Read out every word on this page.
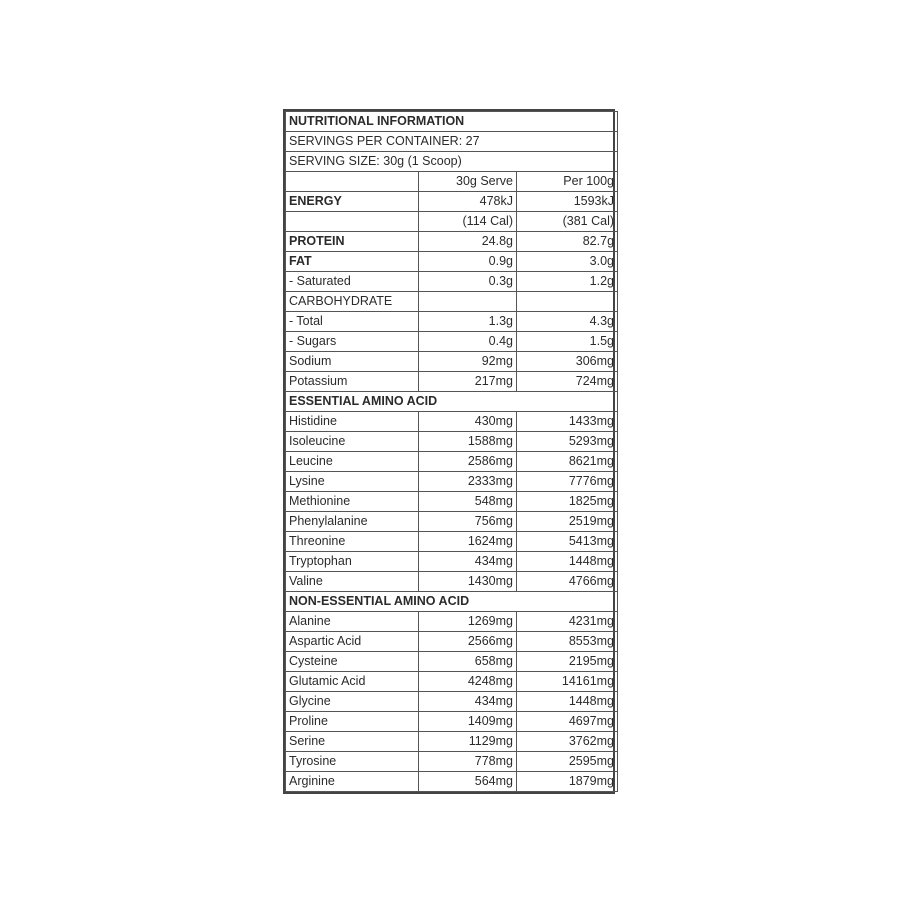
NUTRITIONAL INFORMATION		
SERVINGS PER CONTAINER: 27		
SERVING SIZE: 30g (1 Scoop)		
	30g Serve	Per 100g
ENERGY	478kJ	1593kJ
	(114 Cal)	(381 Cal)
PROTEIN	24.8g	82.7g
FAT	0.9g	3.0g
- Saturated	0.3g	1.2g
CARBOHYDRATE		
- Total	1.3g	4.3g
- Sugars	0.4g	1.5g
Sodium	92mg	306mg
Potassium	217mg	724mg
ESSENTIAL AMINO ACID		
Histidine	430mg	1433mg
Isoleucine	1588mg	5293mg
Leucine	2586mg	8621mg
Lysine	2333mg	7776mg
Methionine	548mg	1825mg
Phenylalanine	756mg	2519mg
Threonine	1624mg	5413mg
Tryptophan	434mg	1448mg
Valine	1430mg	4766mg
NON-ESSENTIAL AMINO ACID		
Alanine	1269mg	4231mg
Aspartic Acid	2566mg	8553mg
Cysteine	658mg	2195mg
Glutamic Acid	4248mg	14161mg
Glycine	434mg	1448mg
Proline	1409mg	4697mg
Serine	1129mg	3762mg
Tyrosine	778mg	2595mg
Arginine	564mg	1879mg
